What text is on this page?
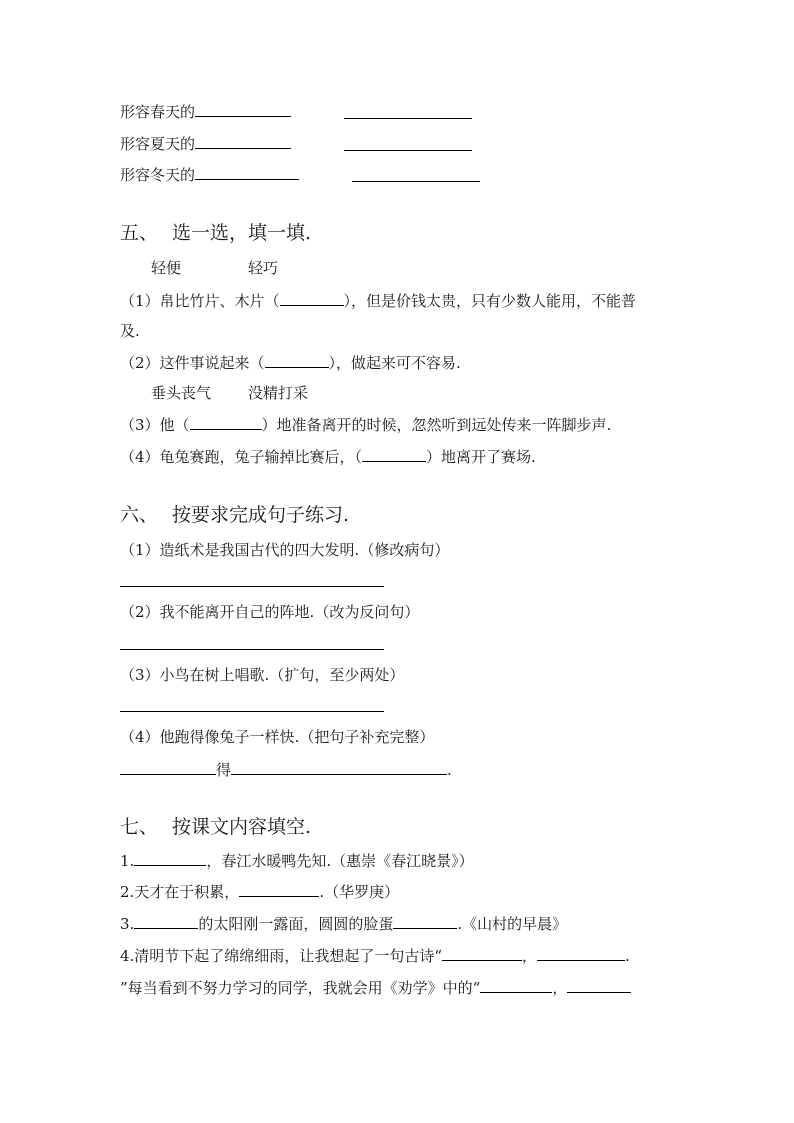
形容春天的
形容夏天的
形容冬天的
五、 选一选，填一填.
轻便	轻巧
（1）帛比竹片、木片（	），但是价钱太贵，只有少数人能用，不能普
及.
（2）这件事说起来（	），做起来可不容易.
垂头丧气 没精打采
（3）他（	）地准备离开的时候，忽然听到远处传来一阵脚步声.
（4）龟兔赛跑，兔子输掉比赛后，（	）地离开了赛场.
六、 按要求完成句子练习.
（1）造纸术是我国古代的四大发明.（修改病句）
（2）我不能离开自己的阵地.（改为反问句）
（3）小鸟在树上唱歌.（扩句，至少两处）
（4）他跑得像兔子一样快.（把句子补充完整）
得	.
七、 按课文内容填空.
1.	，春江水暖鸭先知.（惠崇《春江晓景》）
2.天才在于积累，	.（华罗庚）
3.	的太阳刚一露面，圆圆的脸蛋	.《山村的早晨》
4.清明节下起了绵绵细雨，让我想起了一句古诗“	，	.
”每当看到不努力学习的同学，我就会用《劝学》中的“	，
